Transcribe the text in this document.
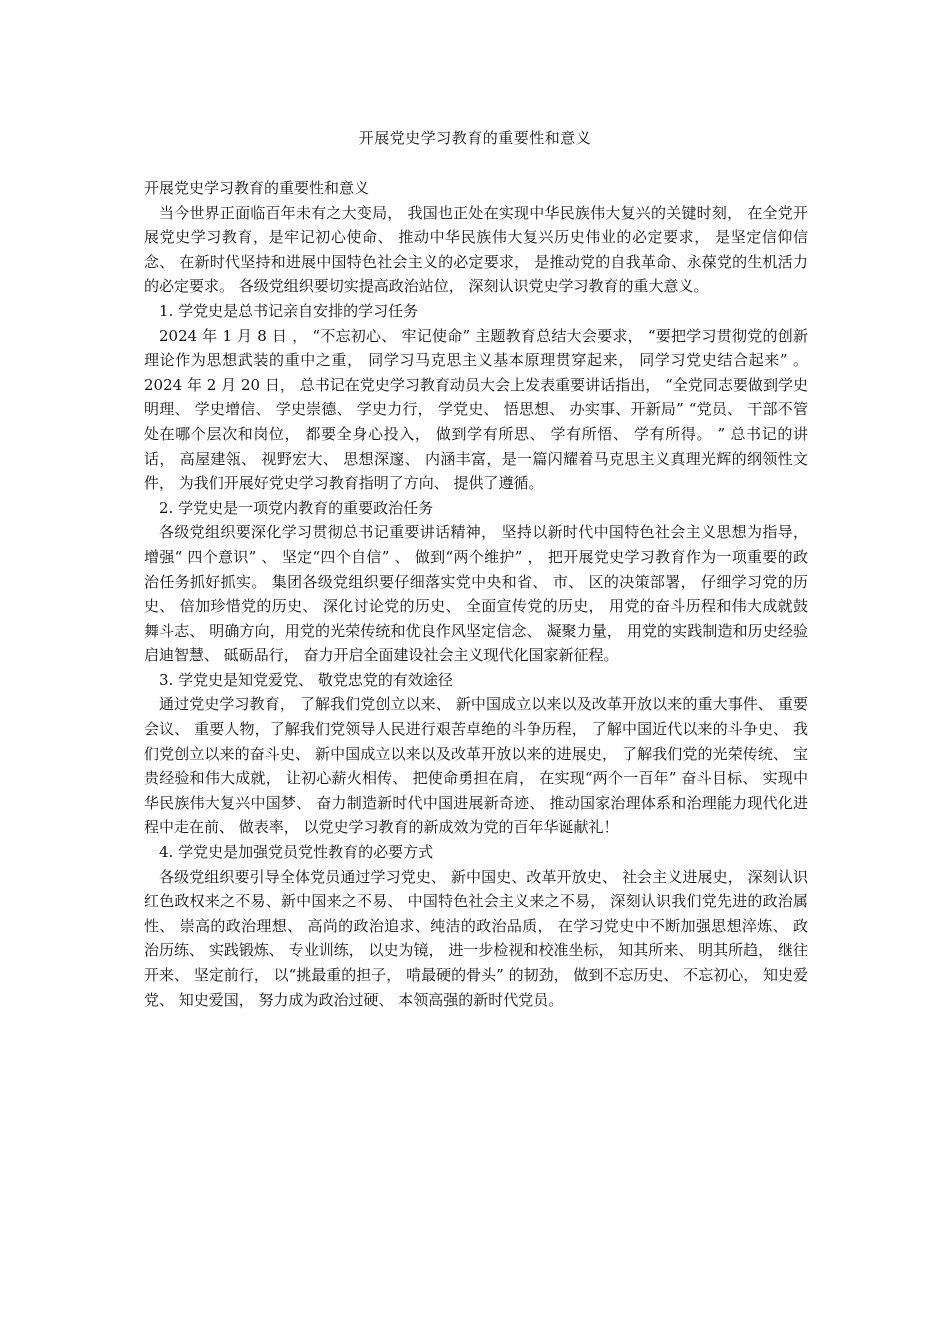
开展党史学习教育的重要性和意义

开展党史学习教育的重要性和意义

当今世界正面临百年未有之大变局， 我国也正处在实现中华民族伟大复兴的关键时刻， 在全党开展党史学习教育，是牢记初心使命、 推动中华民族伟大复兴历史伟业的必定要求， 是坚定信仰信念、 在新时代坚持和进展中国特色社会主义的必定要求， 是推动党的自我革命、永葆党的生机活力的必定要求。 各级党组织要切实提高政治站位， 深刻认识党史学习教育的重大意义。

1. 学党史是总书记亲自安排的学习任务

2024 年 1 月 8 日 ， “不忘初心、 牢记使命” 主题教育总结大会要求， “要把学习贯彻党的创新理论作为思想武装的重中之重， 同学习马克思主义基本原理贯穿起来， 同学习党史结合起来” 。 2024 年 2 月 20 日， 总书记在党史学习教育动员大会上发表重要讲话指出， “全党同志要做到学史明理、 学史增信、 学史崇德、 学史力行， 学党史、 悟思想、 办实事、开新局” “党员、 干部不管处在哪个层次和岗位， 都要全身心投入， 做到学有所思、 学有所悟、 学有所得。 ” 总书记的讲话， 高屋建瓴、 视野宏大、 思想深邃、 内涵丰富，是一篇闪耀着马克思主义真理光辉的纲领性文件， 为我们开展好党史学习教育指明了方向、 提供了遵循。

2. 学党史是一项党内教育的重要政治任务

各级党组织要深化学习贯彻总书记重要讲话精神， 坚持以新时代中国特色社会主义思想为指导， 增强“ 四个意识” 、 坚定“四个自信” 、 做到“两个维护” ， 把开展党史学习教育作为一项重要的政治任务抓好抓实。 集团各级党组织要仔细落实党中央和省、 市、 区的决策部署， 仔细学习党的历史、 倍加珍惜党的历史、 深化讨论党的历史、 全面宣传党的历史， 用党的奋斗历程和伟大成就鼓舞斗志、 明确方向，用党的光荣传统和优良作风坚定信念、 凝聚力量， 用党的实践制造和历史经验启迪智慧、 砥砺品行， 奋力开启全面建设社会主义现代化国家新征程。

3. 学党史是知党爱党、 敬党忠党的有效途径

通过党史学习教育， 了解我们党创立以来、 新中国成立以来以及改革开放以来的重大事件、 重要会议、 重要人物，了解我们党领导人民进行艰苦卓绝的斗争历程， 了解中国近代以来的斗争史、 我们党创立以来的奋斗史、 新中国成立以来以及改革开放以来的进展史， 了解我们党的光荣传统、 宝贵经验和伟大成就， 让初心薪火相传、 把使命勇担在肩， 在实现“两个一百年” 奋斗目标、 实现中华民族伟大复兴中国梦、 奋力制造新时代中国进展新奇迹、 推动国家治理体系和治理能力现代化进程中走在前、 做表率， 以党史学习教育的新成效为党的百年华诞献礼！

4. 学党史是加强党员党性教育的必要方式

各级党组织要引导全体党员通过学习党史、 新中国史、改革开放史、 社会主义进展史， 深刻认识红色政权来之不易、新中国来之不易、 中国特色社会主义来之不易， 深刻认识我们党先进的政治属性、 崇高的政治理想、 高尚的政治追求、纯洁的政治品质， 在学习党史中不断加强思想淬炼、 政治历练、 实践锻炼、 专业训练， 以史为镜， 进一步检视和校准坐标， 知其所来、 明其所趋， 继往开来、 坚定前行， 以“挑最重的担子， 啃最硬的骨头” 的韧劲， 做到不忘历史、 不忘初心， 知史爱党、 知史爱国， 努力成为政治过硬、 本领高强的新时代党员。
